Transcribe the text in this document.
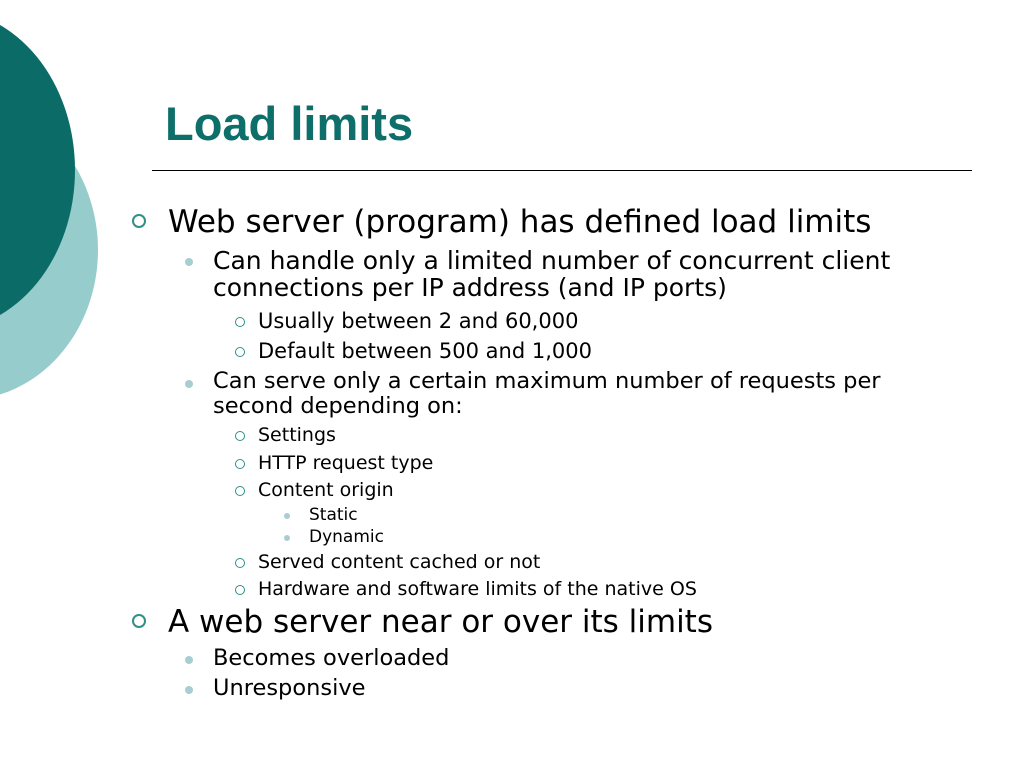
Load limits
Web server (program) has defined load limits
Can handle only a limited number of concurrent client
connections per IP address (and IP ports)
Usually between 2 and 60,000
Default between 500 and 1,000
Can serve only a certain maximum number of requests per
second depending on:
Settings
HTTP request type
Content origin
Static
Dynamic
Served content cached or not
Hardware and software limits of the native OS
A web server near or over its limits
Becomes overloaded
Unresponsive
